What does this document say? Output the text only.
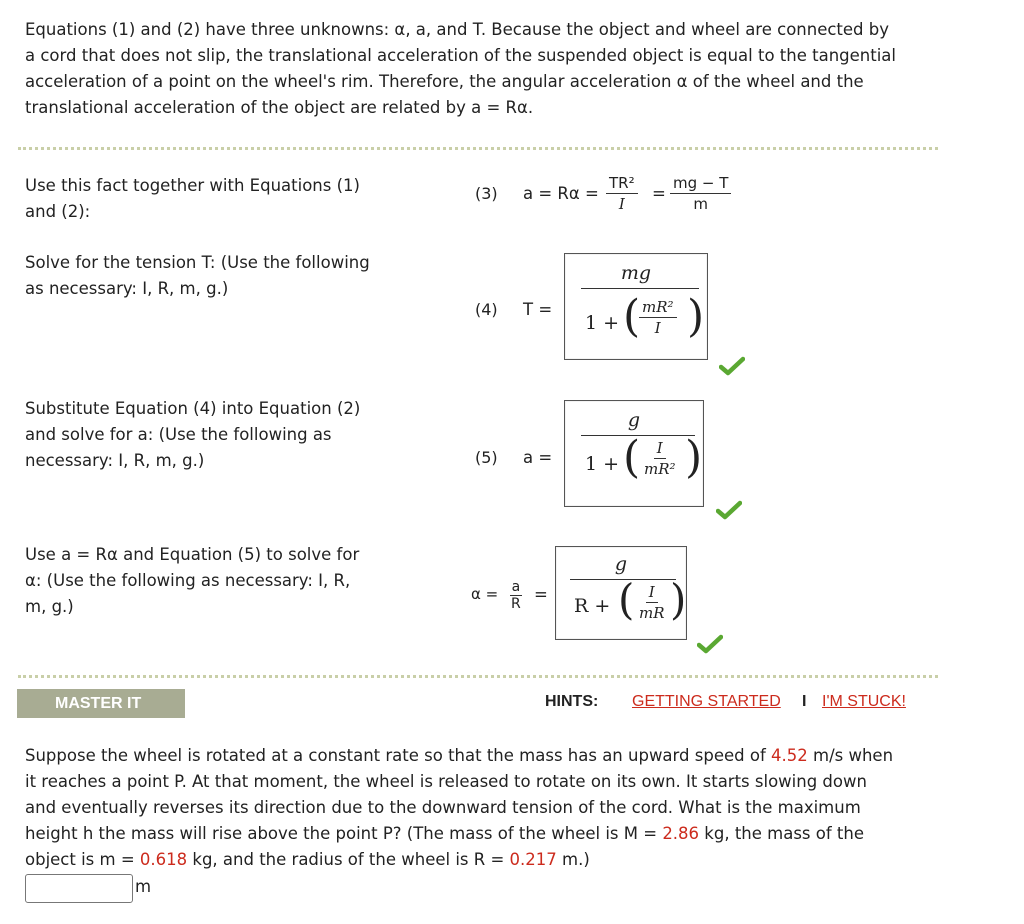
Equations (1) and (2) have three unknowns: α, a, and T. Because the object and wheel are connected by
a cord that does not slip, the translational acceleration of the suspended object is equal to the tangential
acceleration of a point on the wheel's rim. Therefore, the angular acceleration α of the wheel and the
translational acceleration of the object are related by a = Rα.
Use this fact together with Equations (1)
and (2):
(3) $a = R\alpha = \frac{\text{TR²}}{I} = \frac{mg - T}{m}$
Solve for the tension T: (Use the following
as necessary: I, R, m, g.)
(4) T =
mg
1 + (
$\frac{\text{mR²}}{I}$ )
Substitute Equation (4) into Equation (2)
and solve for a: (Use the following as
necessary: I, R, m, g.)	(5) a =
g
1 + ( $\frac{I}{\text{mR²}}$ )
Use a = Rα and Equation (5) to solve for
α: (Use the following as necessary: I, R,
m, g.)
$\alpha = \frac{a}{R}$ =
g
R + ( $\frac{I}{mR}$ )
MASTER IT	HINTS: GETTING STARTED I I'M STUCK!
Suppose the wheel is rotated at a constant rate so that the mass has an upward speed of 4.52 m/s when
it reaches a point P. At that moment, the wheel is released to rotate on its own. It starts slowing down
and eventually reverses its direction due to the downward tension of the cord. What is the maximum
height h the mass will rise above the point P? (The mass of the wheel is M = 2.86 kg, the mass of the
object is m = 0.618 kg, and the radius of the wheel is R = 0.217 m.)
m
